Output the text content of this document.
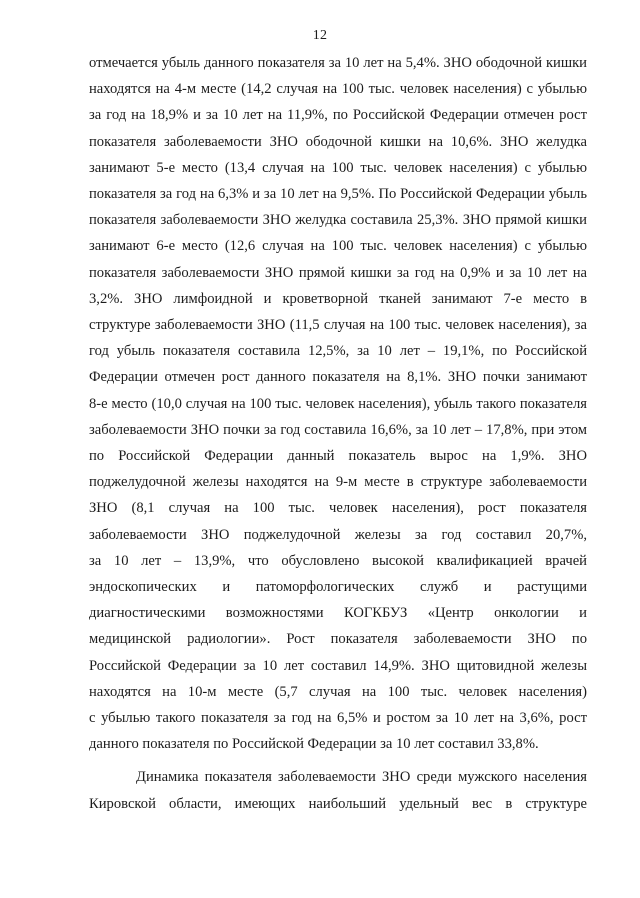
12
отмечается убыль данного показателя за 10 лет на 5,4%. ЗНО ободочной кишки
находятся на 4-м месте (14,2 случая на 100 тыс. человек населения) с убылью
за год на 18,9% и за 10 лет на 11,9%, по Российской Федерации отмечен рост
показателя заболеваемости ЗНО ободочной кишки на 10,6%. ЗНО желудка
занимают 5-е место (13,4 случая на 100 тыс. человек населения) с убылью
показателя за год на 6,3% и за 10 лет на 9,5%. По Российской Федерации убыль
показателя заболеваемости ЗНО желудка составила 25,3%. ЗНО прямой кишки
занимают 6-е место (12,6 случая на 100 тыс. человек населения) с убылью
показателя заболеваемости ЗНО прямой кишки за год на 0,9% и за 10 лет на
3,2%. ЗНО лимфоидной и кроветворной тканей занимают 7-е место в
структуре заболеваемости ЗНО (11,5 случая на 100 тыс. человек населения), за
год убыль показателя составила 12,5%, за 10 лет – 19,1%, по Российской
Федерации отмечен рост данного показателя на 8,1%. ЗНО почки занимают
8-е место (10,0 случая на 100 тыс. человек населения), убыль такого показателя
заболеваемости ЗНО почки за год составила 16,6%, за 10 лет – 17,8%, при этом
по Российской Федерации данный показатель вырос на 1,9%. ЗНО
поджелудочной железы находятся на 9-м месте в структуре заболеваемости
ЗНО (8,1 случая на 100 тыс. человек населения), рост показателя
заболеваемости ЗНО поджелудочной железы за год составил 20,7%,
за 10 лет – 13,9%, что обусловлено высокой квалификацией врачей
эндоскопических и патоморфологических служб и растущими
диагностическими возможностями КОГКБУЗ «Центр онкологии и
медицинской радиологии». Рост показателя заболеваемости ЗНО по
Российской Федерации за 10 лет составил 14,9%. ЗНО щитовидной железы
находятся на 10-м месте (5,7 случая на 100 тыс. человек населения)
с убылью такого показателя за год на 6,5% и ростом за 10 лет на 3,6%, рост
данного показателя по Российской Федерации за 10 лет составил 33,8%.
Динамика показателя заболеваемости ЗНО среди мужского населения
Кировской области, имеющих наибольший удельный вес в структуре
